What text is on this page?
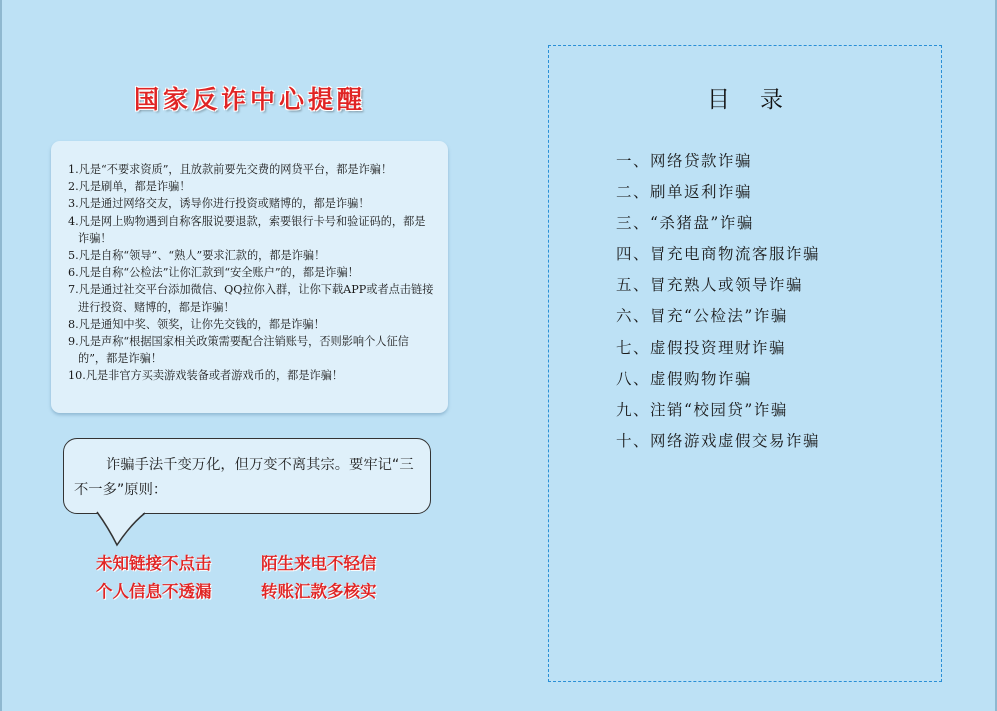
国家反诈中心提醒
1.凡是“不要求资质”，且放款前要先交费的网贷平台，都是诈骗！
2.凡是刷单，都是诈骗！
3.凡是通过网络交友，诱导你进行投资或赌博的，都是诈骗！
4.凡是网上购物遇到自称客服说要退款，索要银行卡号和验证码的，都是诈骗！
5.凡是自称“领导”、“熟人”要求汇款的，都是诈骗！
6.凡是自称“公检法”让你汇款到“安全账户”的，都是诈骗！
7.凡是通过社交平台添加微信、QQ拉你入群，让你下载APP或者点击链接进行投资、赌博的，都是诈骗！
8.凡是通知中奖、领奖，让你先交钱的，都是诈骗！
9.凡是声称“根据国家相关政策需要配合注销账号，否则影响个人征信的”，都是诈骗！
10.凡是非官方买卖游戏装备或者游戏币的，都是诈骗！
诈骗手法千变万化，但万变不离其宗。要牢记“三不一多”原则：
未知链接不点击	陌生来电不轻信
个人信息不透漏	转账汇款多核实
目录
一、网络贷款诈骗
二、刷单返利诈骗
三、“杀猪盘”诈骗
四、冒充电商物流客服诈骗
五、冒充熟人或领导诈骗
六、冒充“公检法”诈骗
七、虚假投资理财诈骗
八、虚假购物诈骗
九、注销“校园贷”诈骗
十、网络游戏虚假交易诈骗
